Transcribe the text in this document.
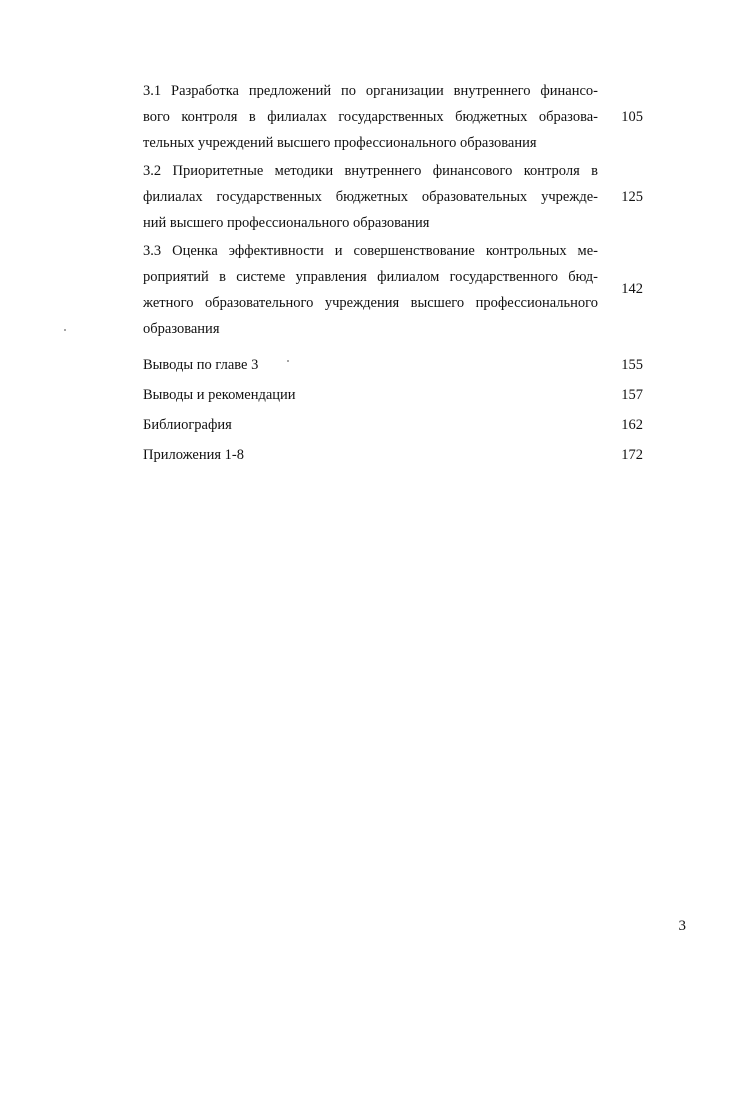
3.1 Разработка предложений по организации внутреннего финансо-
вого контроля в филиалах государственных бюджетных образова-
тельных учреждений высшего профессионального образования
105
3.2 Приоритетные методики внутреннего финансового контроля в
филиалах государственных бюджетных образовательных учрежде-
ний высшего профессионального образования
125
3.3 Оценка эффективности и совершенствование контрольных ме-
роприятий в системе управления филиалом государственного бюд-
жетного образовательного учреждения высшего профессионального
образования
142
Выводы по главе 3	155
Выводы и рекомендации	157
Библиография	162
Приложения 1-8	172
3
